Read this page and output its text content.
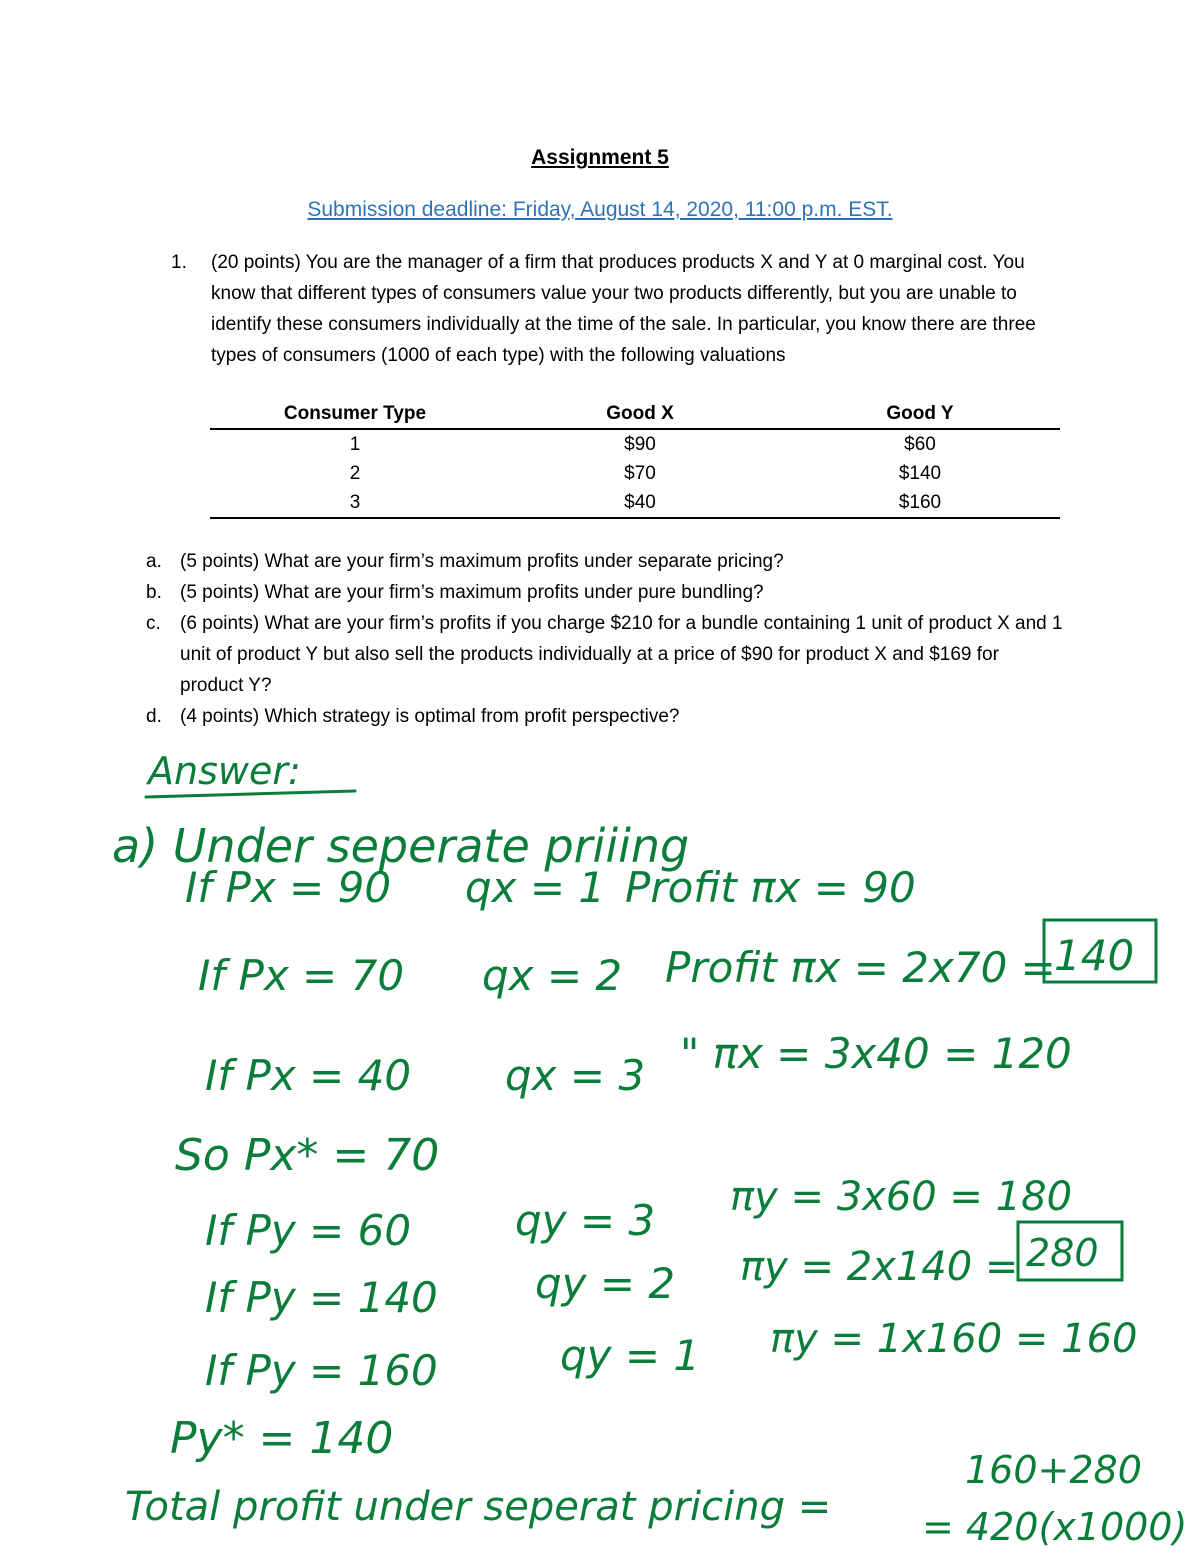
Assignment 5
Submission deadline: Friday, August 14, 2020, 11:00 p.m. EST.
1. (20 points) You are the manager of a firm that produces products X and Y at 0 marginal cost. You know that different types of consumers value your two products differently, but you are unable to identify these consumers individually at the time of the sale. In particular, you know there are three types of consumers (1000 of each type) with the following valuations
Consumer Type	Good X	Good Y
1	$90	$60
2	$70	$140
3	$40	$160
a. (5 points) What are your firm’s maximum profits under separate pricing?
b. (5 points) What are your firm’s maximum profits under pure bundling?
c. (6 points) What are your firm’s profits if you charge $210 for a bundle containing 1 unit of product X and 1 unit of product Y but also sell the products individually at a price of $90 for product X and $169 for product Y?
d. (4 points) Which strategy is optimal from profit perspective?
Answer:
a) Under seperate priiing
If Px = 90 qx = 1 Profit πx = 90
If Px = 70 qx = 2 Profit πx = 2x70 =
140
If Px = 40 qx = 3 " πx = 3x40 = 120
So Px* = 70
If Py = 60 qy = 3 πy = 3x60 = 180
If Py = 140 qy = 2 πy = 2x140 = 280
If Py = 160	qy = 1 πy = 1x160 = 160
Py* = 140
Total profit under seperat pricing =
160+280
= 420(x1000)
